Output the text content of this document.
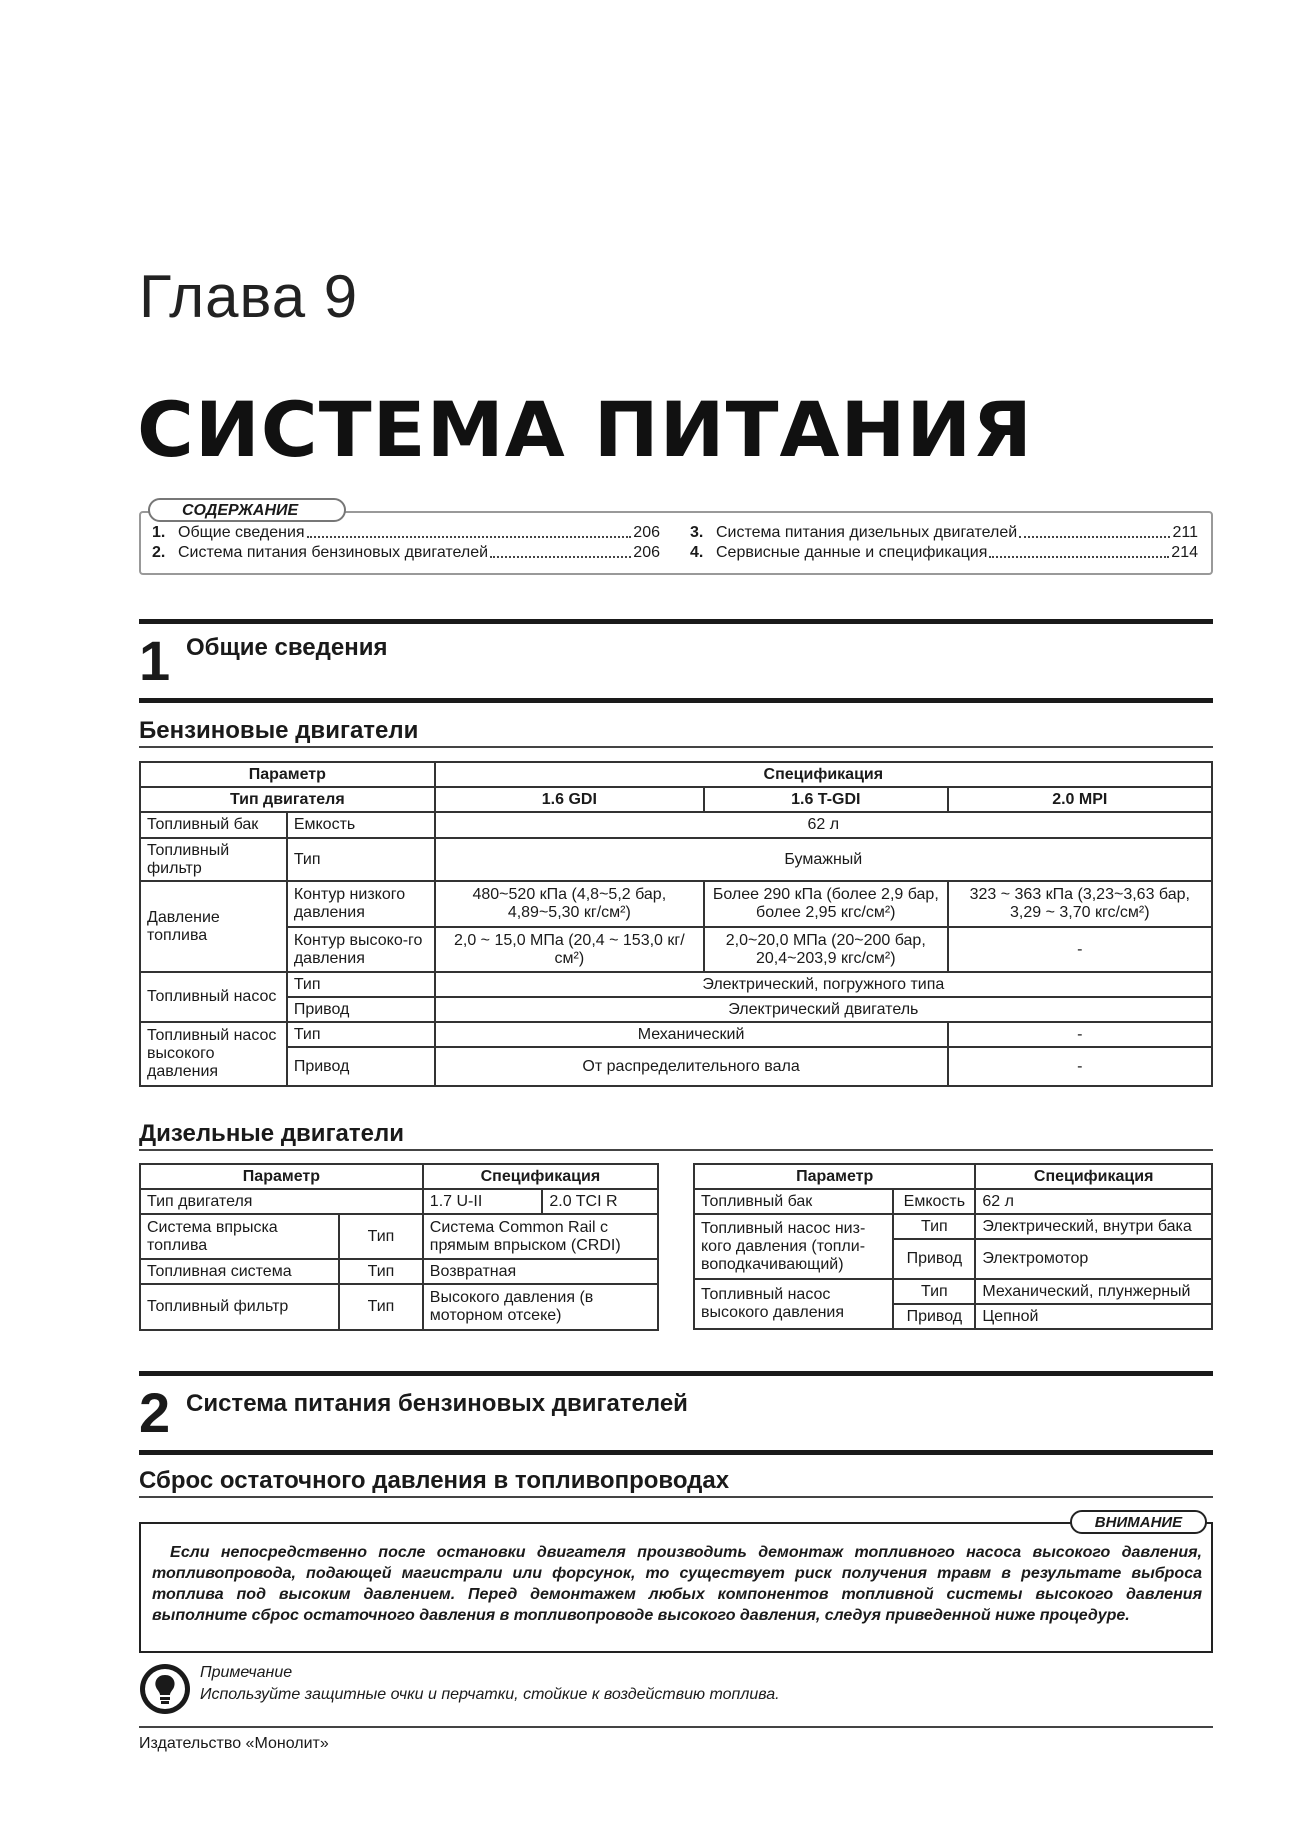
Глава 9
СИСТЕМА ПИТАНИЯ
СОДЕРЖАНИЕ
1. Общие сведения	206
2. Система питания бензиновых двигателей	206
3. Система питания дизельных двигателей	211
4. Сервисные данные и спецификация	214
1 Общие сведения
Бензиновые двигатели
Параметр		Спецификация		
Тип двигателя		1.6 GDI	1.6 T-GDI	2.0 MPI
Топливный бак	Емкость	62 л		
Топливный фильтр	Тип	Бумажный		
Давление топлива	Контур низкого давления	480~520 кПа (4,8~5,2 бар, 4,89~5,30 кг/см²)	Более 290 кПа (более 2,9 бар, более 2,95 кгс/см²)	323 ~ 363 кПа (3,23~3,63 бар, 3,29 ~ 3,70 кгс/см²)
	Контур высоко-го давления	2,0 ~ 15,0 МПа (20,4 ~ 153,0 кг/см²)	2,0~20,0 МПа (20~200 бар, 20,4~203,9 кгс/см²)	-
Топливный насос	Тип	Электрический, погружного типа		
	Привод	Электрический двигатель		
Топливный насос высокого давления	Тип	Механический		-
	Привод	От распределительного вала		-
Дизельные двигатели
Параметр		Спецификация	
Тип двигателя		1.7 U-II	2.0 TCI R
Система впрыска топлива	Тип	Система Common Rail с прямым впрыском (CRDI)	
Топливная система	Тип	Возвратная	
Топливный фильтр	Тип	Высокого давления (в моторном отсеке)	
Параметр		Спецификация
Топливный бак	Емкость	62 л
Топливный насос низ-кого давления (топли-воподкачивающий)	Тип	Электрический, внутри бака
	Привод	Электромотор
Топливный насос высокого давления	Тип	Механический, плунжерный
	Привод	Цепной
2 Система питания бензиновых двигателей
Сброс остаточного давления в топливопроводах
ВНИМАНИЕ
Если непосредственно после остановки двигателя производить демонтаж топливного насоса высокого давления, топливопровода, подающей магистрали или форсунок, то существует риск получения травм в результате выброса топлива под высоким давлением. Перед демонтажем любых компонентов топливной системы высокого давления выполните сброс остаточного давления в топливопроводе высокого давления, следуя приведенной ниже процедуре.
Примечание
Используйте защитные очки и перчатки, стойкие к воздействию топлива.
Издательство «Монолит»
